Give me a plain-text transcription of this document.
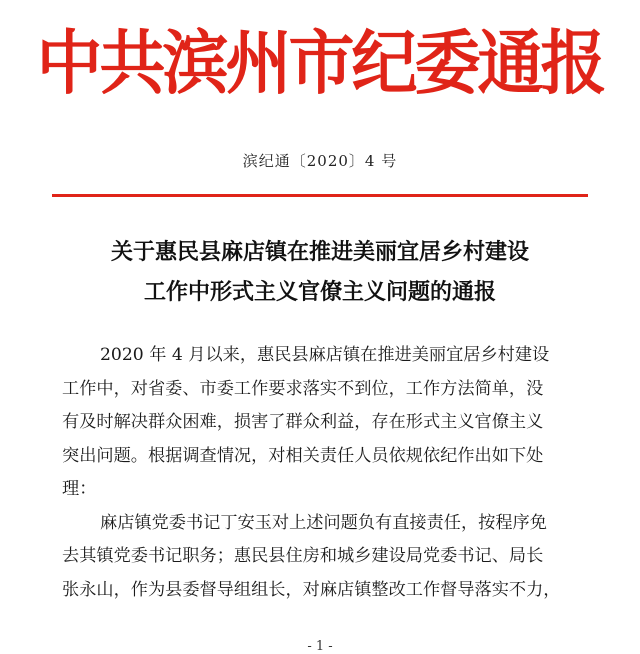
中共滨州市纪委通报
滨纪通〔2020〕4 号
关于惠民县麻店镇在推进美丽宜居乡村建设
工作中形式主义官僚主义问题的通报

2020 年 4 月以来，惠民县麻店镇在推进美丽宜居乡村建设
工作中，对省委、市委工作要求落实不到位，工作方法简单，没
有及时解决群众困难，损害了群众利益，存在形式主义官僚主义
突出问题。根据调查情况，对相关责任人员依规依纪作出如下处
理：

麻店镇党委书记丁安玉对上述问题负有直接责任，按程序免
去其镇党委书记职务；惠民县住房和城乡建设局党委书记、局长
张永山，作为县委督导组组长，对麻店镇整改工作督导落实不力，

- 1 -
